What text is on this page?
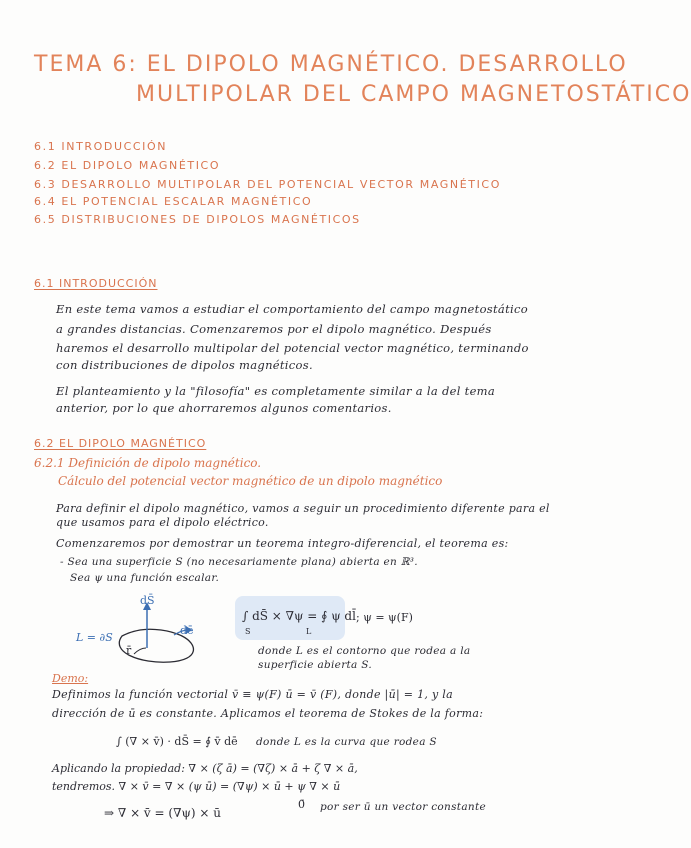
TEMA 6: EL DIPOLO MAGNÉTICO. DESARROLLO
MULTIPOLAR DEL CAMPO MAGNETOSTÁTICO
6.1 INTRODUCCIÓN
6.2 EL DIPOLO MAGNÉTICO
6.3 DESARROLLO MULTIPOLAR DEL POTENCIAL VECTOR MAGNÉTICO
6.4 EL POTENCIAL ESCALAR MAGNÉTICO
6.5 DISTRIBUCIONES DE DIPOLOS MAGNÉTICOS
6.1 INTRODUCCIÓN
En este tema vamos a estudiar el comportamiento del campo magnetostático
a grandes distancias. Comenzaremos por el dipolo magnético. Después
haremos el desarrollo multipolar del potencial vector magnético, terminando
con distribuciones de dipolos magnéticos.
El planteamiento y la "filosofía" es completamente similar a la del tema
anterior, por lo que ahorraremos algunos comentarios.
6.2 EL DIPOLO MAGNÉTICO
6.2.1 Definición de dipolo magnético.
Cálculo del potencial vector magnético de un dipolo magnético
Para definir el dipolo magnético, vamos a seguir un procedimiento diferente para el
que usamos para el dipolo eléctrico.
Comenzaremos por demostrar un teorema integro-diferencial, el teorema es:
- Sea una superficie S (no necesariamente plana) abierta en ℝ³.
Sea ψ una función escalar.
L = ∂S
dS̄
dē
r̄
∫ dS̄ × ∇ψ = ∮ ψ dl̄
S	L
; ψ = ψ(F)
donde L es el contorno que rodea a la
superficie abierta S.
Demo:
Definimos la función vectorial v̄ ≡ ψ(F) ū = v̄ (F), donde |ū| = 1, y la
dirección de ū es constante. Aplicamos el teorema de Stokes de la forma:
∫ (∇ × v̄) · dS̄ = ∮ v̄ dē donde L es la curva que rodea S
Aplicando la propiedad: ∇ × (ζ ā) = (∇ζ) × ā + ζ ∇ × ā,
tendremos. ∇ × v̄ = ∇ × (ψ ū) = (∇ψ) × ū + ψ ∇ × ū
0̄ por ser ū un vector constante
⇒ ∇ × v̄ = (∇ψ) × ū
